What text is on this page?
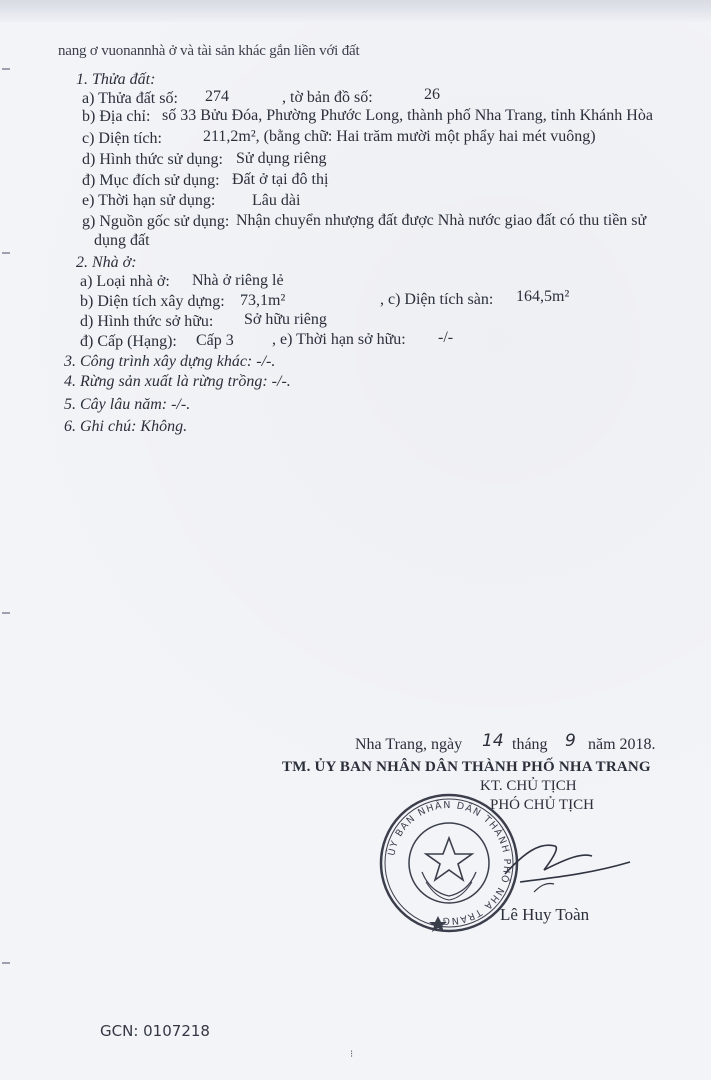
nang ơ vuonannhà ở và tài sản khác gắn liền với đất
1. Thửa đất:
a) Thửa đất số: 274	, tờ bản đồ số:	26
b) Địa chỉ: số 33 Bửu Đóa, Phường Phước Long, thành phố Nha Trang, tỉnh Khánh Hòa
c) Diện tích:	211,2m², (bằng chữ: Hai trăm mười một phẩy hai mét vuông)
d) Hình thức sử dụng: Sử dụng riêng
đ) Mục đích sử dụng: Đất ở tại đô thị
e) Thời hạn sử dụng: Lâu dài
g) Nguồn gốc sử dụng: Nhận chuyển nhượng đất được Nhà nước giao đất có thu tiền sử
dụng đất
2. Nhà ở:
a) Loại nhà ở: Nhà ở riêng lẻ
b) Diện tích xây dựng: 73,1m²	, c) Diện tích sàn: 164,5m²
d) Hình thức sở hữu: Sở hữu riêng
đ) Cấp (Hạng): Cấp 3 , e) Thời hạn sở hữu: -/-
3. Công trình xây dựng khác: -/-.
4. Rừng sản xuất là rừng trồng: -/-.
5. Cây lâu năm: -/-.
6. Ghi chú: Không.
Nha Trang, ngày 14 tháng 9 năm 2018.
TM. ỦY BAN NHÂN DÂN THÀNH PHỐ NHA TRANG
KT. CHỦ TỊCH
PHÓ CHỦ TỊCH
ỦY BAN NHÂN DÂN THÀNH PHỐ NHA TRANG	Lê Huy Toàn
GCN: 0107218
⁝
